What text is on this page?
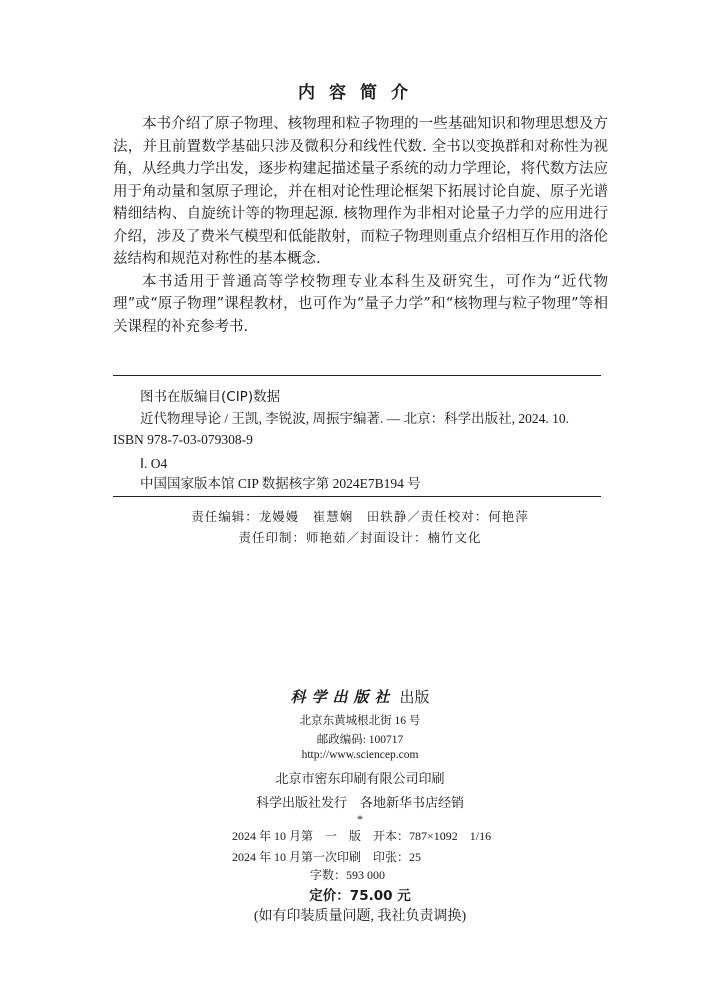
内容简介

本书介绍了原子物理、核物理和粒子物理的一些基础知识和物理思想及方法，并且前置数学基础只涉及微积分和线性代数. 全书以变换群和对称性为视角，从经典力学出发，逐步构建起描述量子系统的动力学理论，将代数方法应用于角动量和氢原子理论，并在相对论性理论框架下拓展讨论自旋、原子光谱精细结构、自旋统计等的物理起源. 核物理作为非相对论量子力学的应用进行介绍，涉及了费米气模型和低能散射，而粒子物理则重点介绍相互作用的洛伦兹结构和规范对称性的基本概念.

本书适用于普通高等学校物理专业本科生及研究生，可作为“近代物理”或“原子物理”课程教材，也可作为“量子力学”和“核物理与粒子物理”等相关课程的补充参考书.

图书在版编目(CIP)数据
近代物理导论 / 王凯, 李锐波, 周振宇编著. –– 北京：科学出版社, 2024. 10.
ISBN 978-7-03-079308-9
Ⅰ. O4
中国国家版本馆 CIP 数据核字第 2024E7B194 号
责任编辑：龙嫚嫚　崔慧娴　田轶静／责任校对：何艳萍
责任印制：师艳茹／封面设计：楠竹文化
科学出版社 出版
北京东黄城根北街 16 号
邮政编码: 100717
http://www.sciencep.com
北京市密东印刷有限公司印刷
科学出版社发行　各地新华书店经销
*
2024 年 10 月第　一　版　开本：787×1092　1/16
2024 年 10 月第一次印刷　印张：25
字数：593 000
定价：75.00 元
(如有印装质量问题, 我社负责调换)
